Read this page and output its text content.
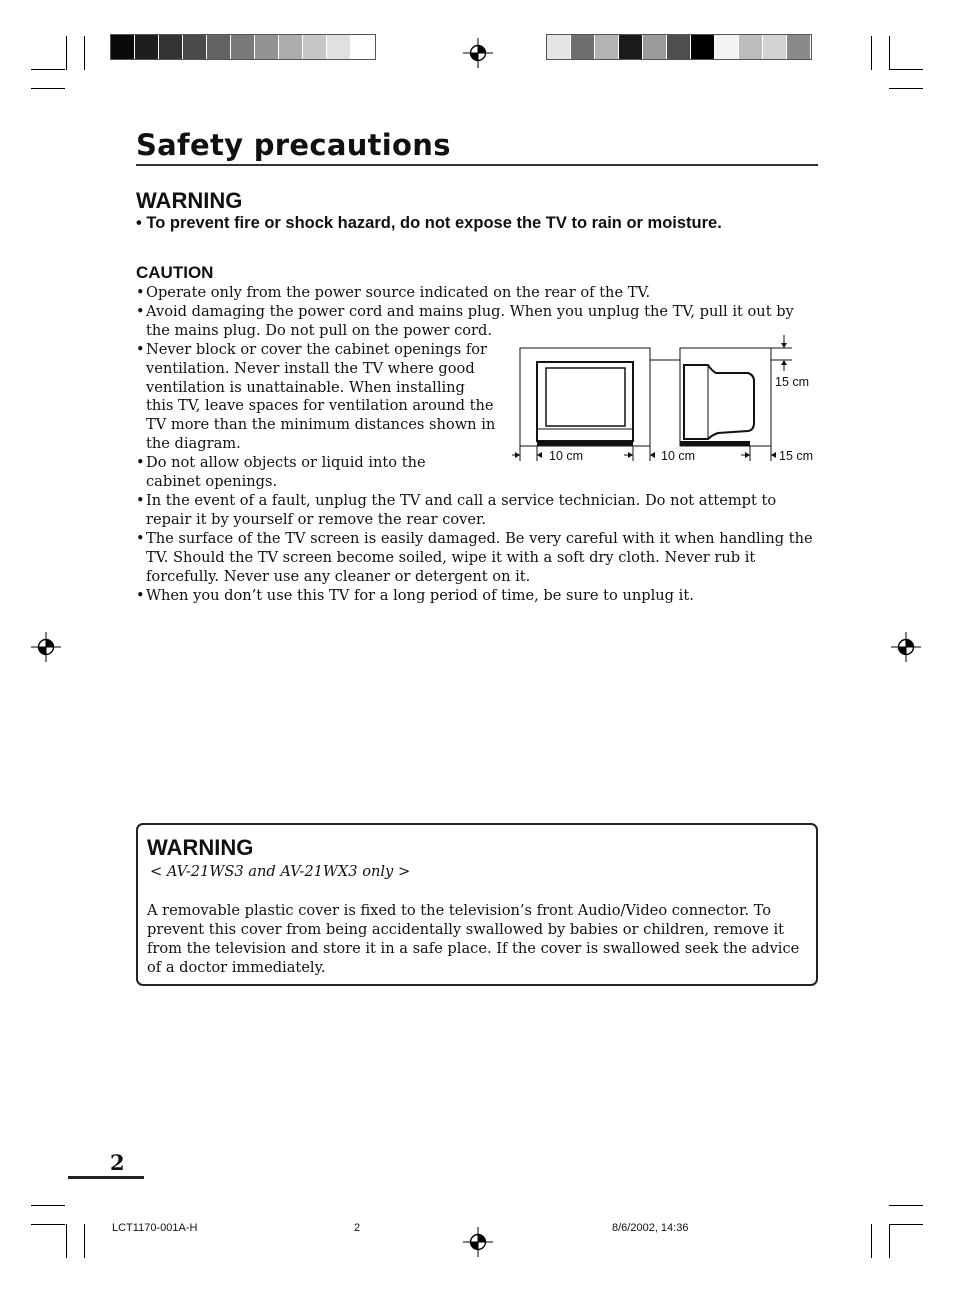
Safety precautions
WARNING
• To prevent fire or shock hazard, do not expose the TV to rain or moisture.
CAUTION
• Operate only from the power source indicated on the rear of the TV.
• Avoid damaging the power cord and mains plug. When you unplug the TV, pull it out by the mains plug. Do not pull on the power cord.
• Never block or cover the cabinet openings for ventilation. Never install the TV where good ventilation is unattainable. When installing this TV, leave spaces for ventilation around the TV more than the minimum distances shown in the diagram.
• Do not allow objects or liquid into the cabinet openings.
• In the event of a fault, unplug the TV and call a service technician. Do not attempt to repair it by yourself or remove the rear cover.
• The surface of the TV screen is easily damaged. Be very careful with it when handling the TV. Should the TV screen become soiled, wipe it with a soft dry cloth. Never rub it forcefully. Never use any cleaner or detergent on it.
• When you don’t use this TV for a long period of time, be sure to unplug it.
15 cm
10 cm	10 cm	15 cm
WARNING
< AV-21WS3 and AV-21WX3 only >
A removable plastic cover is fixed to the television’s front Audio/Video connector. To prevent this cover from being accidentally swallowed by babies or children, remove it from the television and store it in a safe place. If the cover is swallowed seek the advice of a doctor immediately.
2
LCT1170-001A-H	2	8/6/2002, 14:36
